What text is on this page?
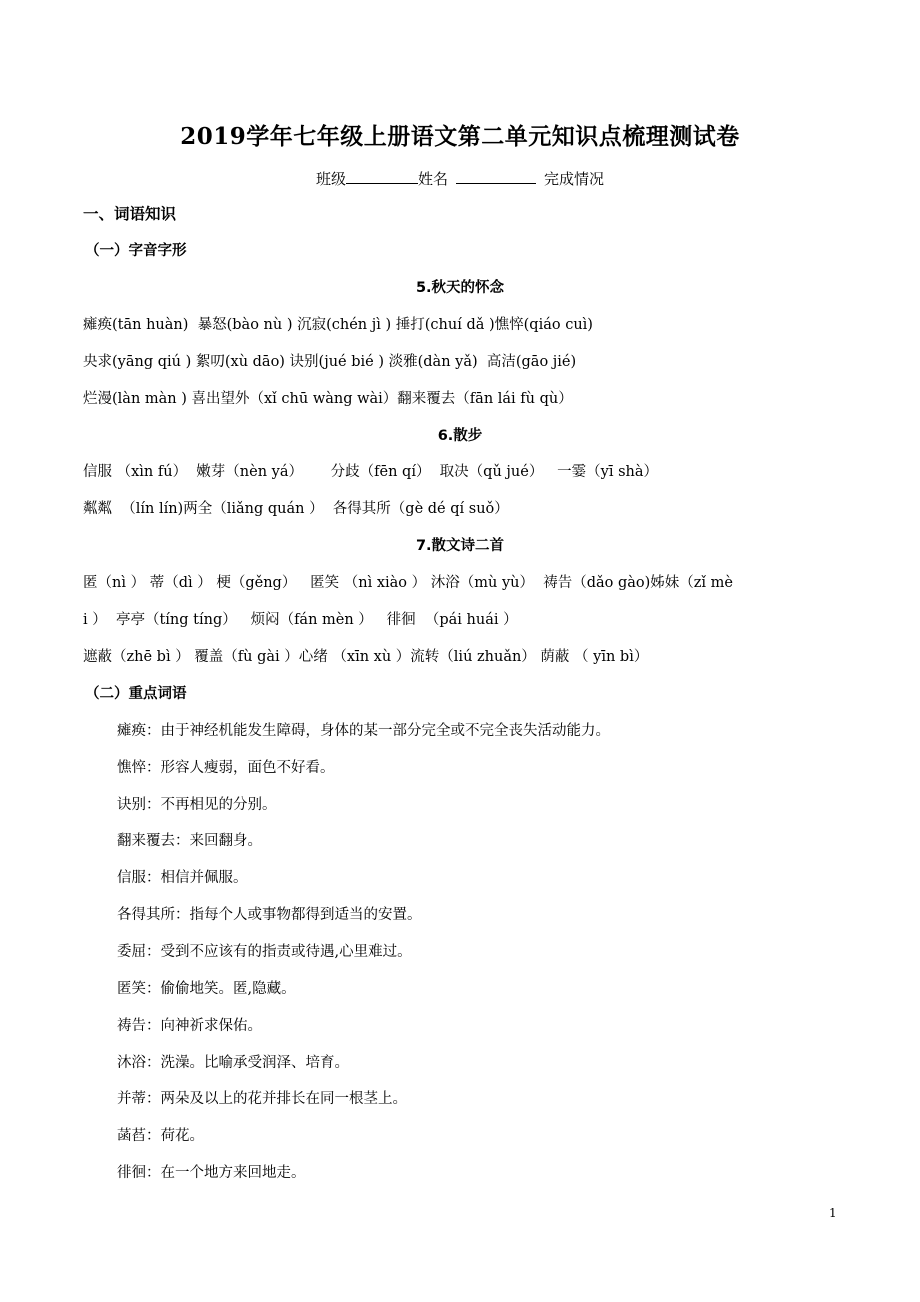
2019学年七年级上册语文第二单元知识点梳理测试卷
班级	姓名	完成情况
一、词语知识
（一）字音字形
5.秋天的怀念
瘫痪(tān huàn)  暴怒(bào nù ) 沉寂(chén jì ) 捶打(chuí dǎ )憔悴(qiáo cuì)
央求(yāng qiú ) 絮叨(xù dāo) 诀别(jué bié ) 淡雅(dàn yǎ)  高洁(gāo jié)
烂漫(làn màn ) 喜出望外（xǐ chū wàng wài）翻来覆去（fān lái fù qù）
6.散步
信服 （xìn fú）  嫩芽（nèn yá）      分歧（fēn qí）  取决（qǔ jué）   一霎（yī shà）
粼粼  （lín lín)两全（liǎng quán ）  各得其所（gè dé qí suǒ）
7.散文诗二首
匿（nì ） 蒂（dì ） 梗（gěng）   匿笑 （nì xiào ） 沐浴（mù yù）  祷告（dǎo gào)姊妹（zǐ mè
i ）  亭亭（tíng tíng）   烦闷（fán mèn ）   徘徊  （pái huái ）
遮蔽（zhē bì ） 覆盖（fù gài ）心绪 （xīn xù ）流转（liú zhuǎn） 荫蔽 （ yīn bì）
（二）重点词语
瘫痪：由于神经机能发生障碍，身体的某一部分完全或不完全丧失活动能力。
憔悴：形容人瘦弱，面色不好看。
诀别：不再相见的分别。
翻来覆去：来回翻身。
信服：相信并佩服。
各得其所：指每个人或事物都得到适当的安置。
委屈：受到不应该有的指责或待遇,心里难过。
匿笑：偷偷地笑。匿,隐藏。
祷告：向神祈求保佑。
沐浴：洗澡。比喻承受润泽、培育。
并蒂：两朵及以上的花并排长在同一根茎上。
菡萏：荷花。
徘徊：在一个地方来回地走。
1
